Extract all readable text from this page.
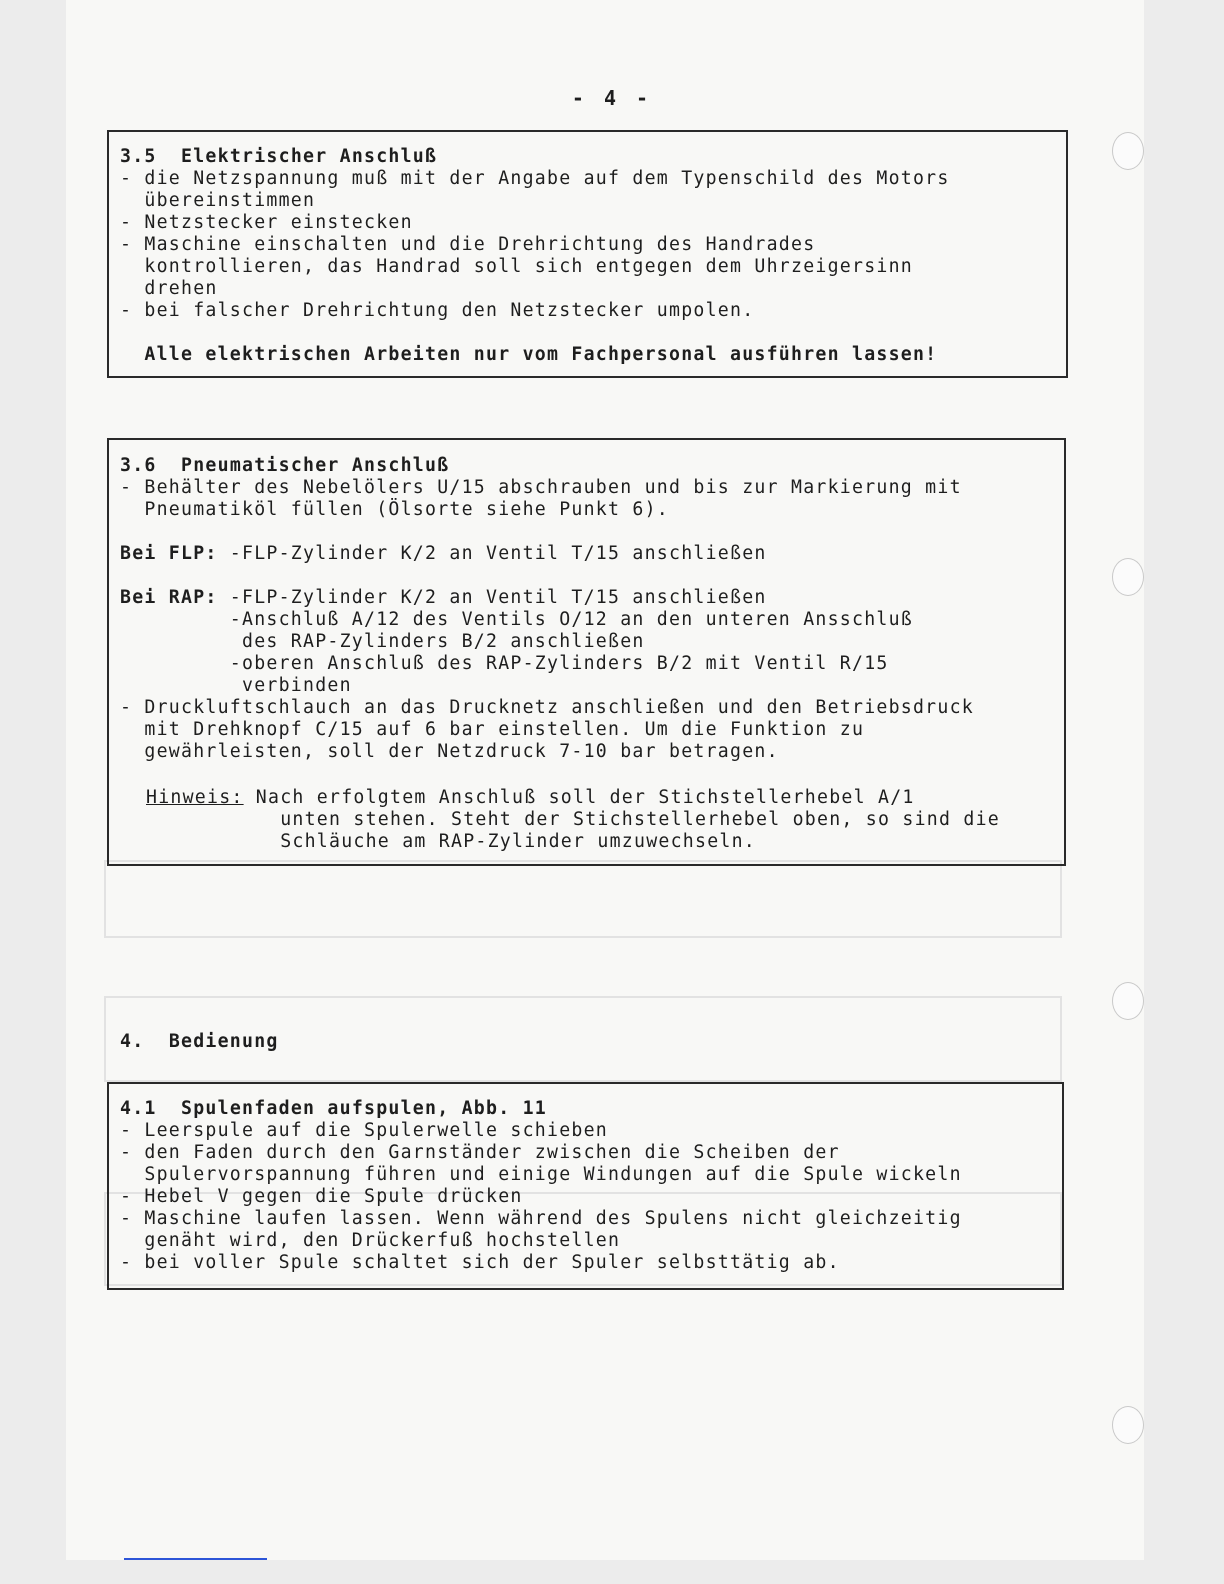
- 4 -
3.5 Elektrischer Anschluß
- die Netzspannung muß mit der Angabe auf dem Typenschild des Motors
übereinstimmen
- Netzstecker einstecken
- Maschine einschalten und die Drehrichtung des Handrades
kontrollieren, das Handrad soll sich entgegen dem Uhrzeigersinn
drehen
- bei falscher Drehrichtung den Netzstecker umpolen.
Alle elektrischen Arbeiten nur vom Fachpersonal ausführen lassen!
3.6 Pneumatischer Anschluß
- Behälter des Nebelölers U/15 abschrauben und bis zur Markierung mit
Pneumatiköl füllen (Ölsorte siehe Punkt 6).
Bei FLP: -FLP-Zylinder K/2 an Ventil T/15 anschließen
Bei RAP: -FLP-Zylinder K/2 an Ventil T/15 anschließen
-Anschluß A/12 des Ventils O/12 an den unteren Ansschluß
des RAP-Zylinders B/2 anschließen
-oberen Anschluß des RAP-Zylinders B/2 mit Ventil R/15
verbinden
- Druckluftschlauch an das Drucknetz anschließen und den Betriebsdruck
mit Drehknopf C/15 auf 6 bar einstellen. Um die Funktion zu
gewährleisten, soll der Netzdruck 7-10 bar betragen.
Hinweis: Nach erfolgtem Anschluß soll der Stichstellerhebel A/1
unten stehen. Steht der Stichstellerhebel oben, so sind die
Schläuche am RAP-Zylinder umzuwechseln.
4. Bedienung
4.1 Spulenfaden aufspulen, Abb. 11
- Leerspule auf die Spulerwelle schieben
- den Faden durch den Garnständer zwischen die Scheiben der
Spulervorspannung führen und einige Windungen auf die Spule wickeln
- Hebel V gegen die Spule drücken
- Maschine laufen lassen. Wenn während des Spulens nicht gleichzeitig
genäht wird, den Drückerfuß hochstellen
- bei voller Spule schaltet sich der Spuler selbsttätig ab.
